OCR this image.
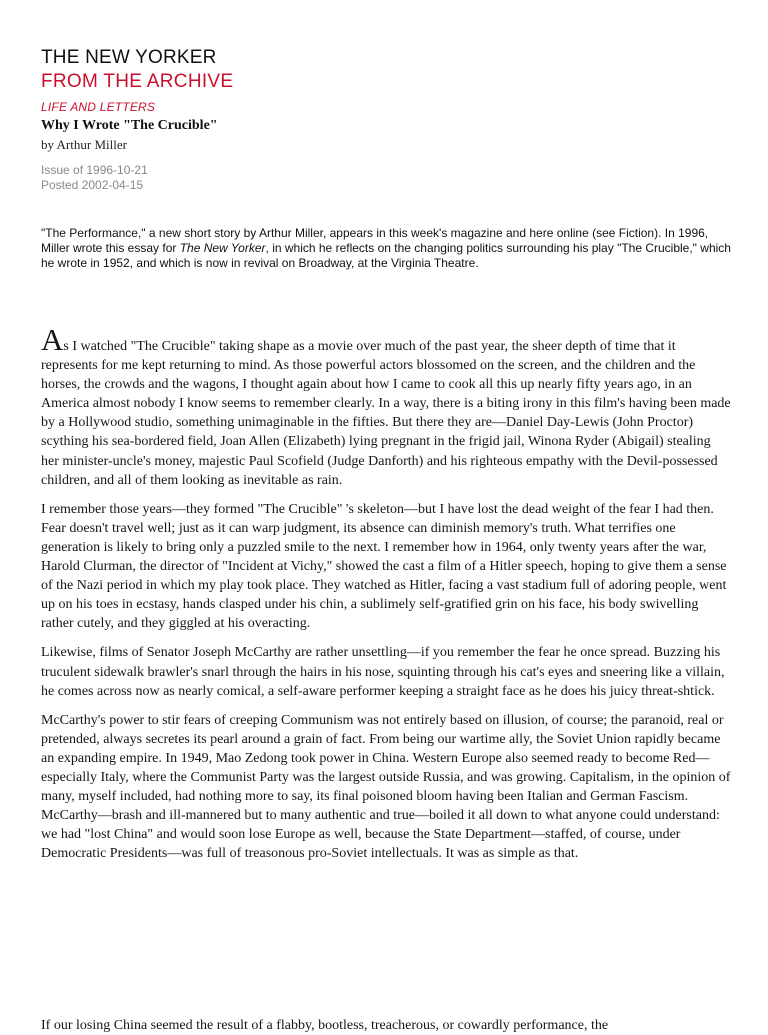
THE NEW YORKER
FROM THE ARCHIVE
LIFE AND LETTERS
Why I Wrote "The Crucible"
by Arthur Miller
Issue of 1996-10-21
Posted 2002-04-15
"The Performance," a new short story by Arthur Miller, appears in this week's magazine and here online (see Fiction). In 1996, Miller wrote this essay for The New Yorker, in which he reflects on the changing politics surrounding his play "The Crucible," which he wrote in 1952, and which is now in revival on Broadway, at the Virginia Theatre.

As I watched "The Crucible" taking shape as a movie over much of the past year, the sheer depth of time that it represents for me kept returning to mind. As those powerful actors blossomed on the screen, and the children and the horses, the crowds and the wagons, I thought again about how I came to cook all this up nearly fifty years ago, in an America almost nobody I know seems to remember clearly. In a way, there is a biting irony in this film's having been made by a Hollywood studio, something unimaginable in the fifties. But there they are—Daniel Day-Lewis (John Proctor) scything his sea-bordered field, Joan Allen (Elizabeth) lying pregnant in the frigid jail, Winona Ryder (Abigail) stealing her minister-uncle's money, majestic Paul Scofield (Judge Danforth) and his righteous empathy with the Devil-possessed children, and all of them looking as inevitable as rain.

I remember those years—they formed "The Crucible" 's skeleton—but I have lost the dead weight of the fear I had then. Fear doesn't travel well; just as it can warp judgment, its absence can diminish memory's truth. What terrifies one generation is likely to bring only a puzzled smile to the next. I remember how in 1964, only twenty years after the war, Harold Clurman, the director of "Incident at Vichy," showed the cast a film of a Hitler speech, hoping to give them a sense of the Nazi period in which my play took place. They watched as Hitler, facing a vast stadium full of adoring people, went up on his toes in ecstasy, hands clasped under his chin, a sublimely self-gratified grin on his face, his body swivelling rather cutely, and they giggled at his overacting.

Likewise, films of Senator Joseph McCarthy are rather unsettling—if you remember the fear he once spread. Buzzing his truculent sidewalk brawler's snarl through the hairs in his nose, squinting through his cat's eyes and sneering like a villain, he comes across now as nearly comical, a self-aware performer keeping a straight face as he does his juicy threat-shtick.

McCarthy's power to stir fears of creeping Communism was not entirely based on illusion, of course; the paranoid, real or pretended, always secretes its pearl around a grain of fact. From being our wartime ally, the Soviet Union rapidly became an expanding empire. In 1949, Mao Zedong took power in China. Western Europe also seemed ready to become Red—especially Italy, where the Communist Party was the largest outside Russia, and was growing. Capitalism, in the opinion of many, myself included, had nothing more to say, its final poisoned bloom having been Italian and German Fascism. McCarthy—brash and ill-mannered but to many authentic and true—boiled it all down to what anyone could understand: we had "lost China" and would soon lose Europe as well, because the State Department—staffed, of course, under Democratic Presidents—was full of treasonous pro-Soviet intellectuals. It was as simple as that.

If our losing China seemed the result of a flabby, bootless, treacherous, or cowardly performance, the
